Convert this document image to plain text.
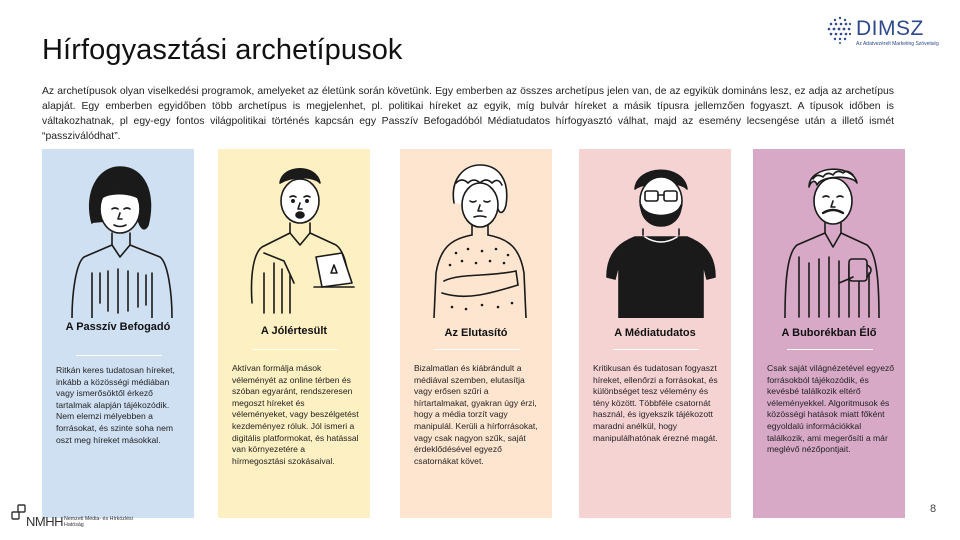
Hírfogyasztási archetípusok
DIMSZ
Az Adatvezérelt Marketing Szövetség
Az archetípusok olyan viselkedési programok, amelyeket az életünk során követünk. Egy emberben az összes archetípus jelen van, de az egyikük domináns lesz, ez adja az archetípus alapját. Egy emberben egyidőben több archetípus is megjelenhet, pl. politikai híreket az egyik, míg bulvár híreket a másik típusra jellemzően fogyaszt. A típusok időben is váltakozhatnak, pl egy-egy fontos világpolitikai történés kapcsán egy Passzív Befogadóból Médiatudatos hírfogyasztó válhat, majd az esemény lecsengése után a illető ismét “passziválódhat”.
A Passzív Befogadó
Ritkán keres tudatosan híreket, inkább a közösségi médiában vagy ismerősöktől érkező tartalmak alapján tájékozódik. Nem elemzi mélyebben a forrásokat, és szinte soha nem oszt meg híreket másokkal.
A Jólértesült
Aktívan formálja mások véleményét az online térben és szóban egyaránt, rendszeresen megoszt híreket és véleményeket, vagy beszélgetést kezdeményez róluk. Jól ismeri a digitális platformokat, és hatással van környezetére a hírmegosztási szokásaival.
Az Elutasító
Bizalmatlan és kiábrándult a médiával szemben, elutasítja vagy erősen szűri a hírtartalmakat, gyakran úgy érzi, hogy a média torzít vagy manipulál. Kerüli a hírforrásokat, vagy csak nagyon szűk, saját érdeklődésével egyező csatornákat követ.
A Médiatudatos
Kritikusan és tudatosan fogyaszt híreket, ellenőrzi a forrásokat, és különbséget tesz vélemény és tény között. Többféle csatornát használ, és igyekszik tájékozott maradni anélkül, hogy manipulálhatónak érezné magát.
A Buborékban Élő
Csak saját világnézetével egyező forrásokból tájékozódik, és kevésbé találkozik eltérő véleményekkel. Algoritmusok és közösségi hatások miatt főként egyoldalú információkkal találkozik, ami megerősíti a már meglévő nézőpontjait.
8
NMHH Nemzeti Média- és Hírközlési Hatóság
